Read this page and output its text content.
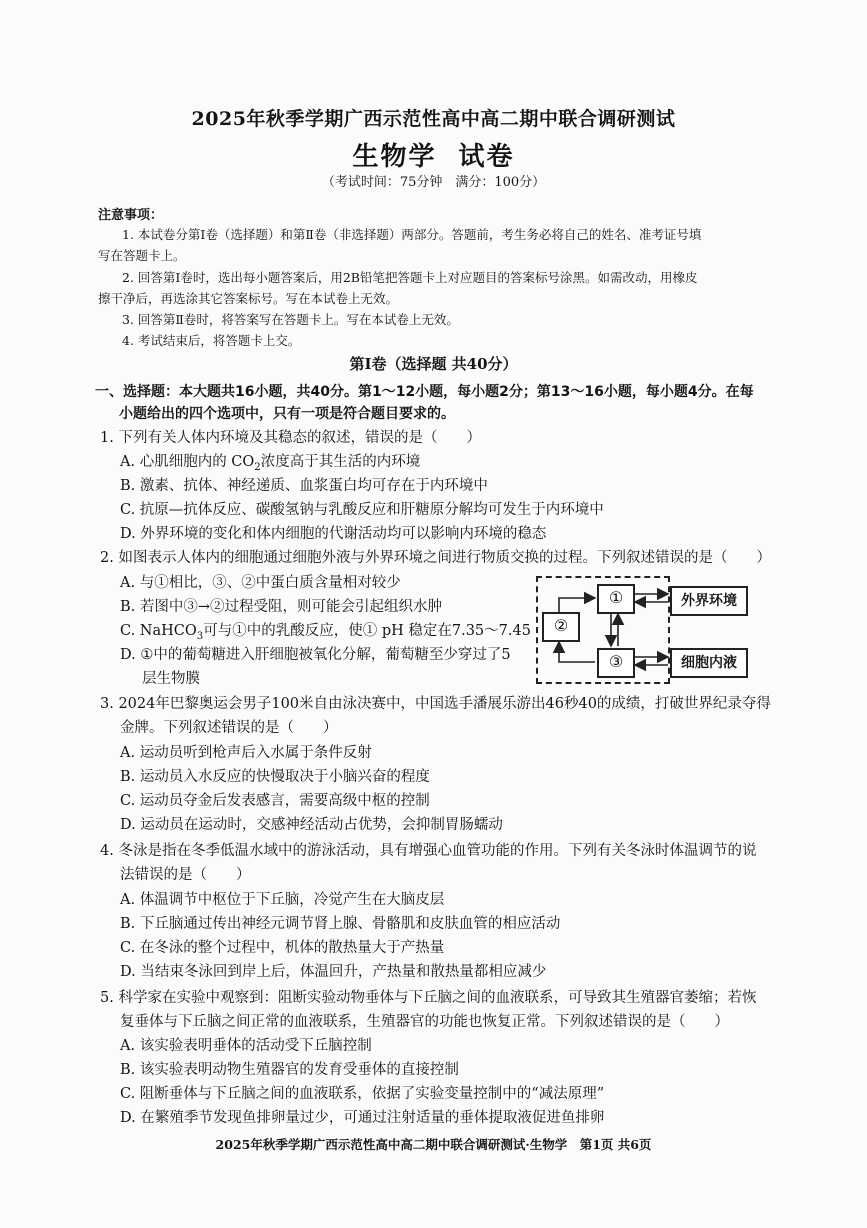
2025年秋季学期广西示范性高中高二期中联合调研测试
生物学 试卷
（考试时间：75分钟　满分：100分）
注意事项：
1. 本试卷分第Ⅰ卷（选择题）和第Ⅱ卷（非选择题）两部分。答题前，考生务必将自己的姓名、准考证号填
写在答题卡上。
2. 回答第Ⅰ卷时，选出每小题答案后，用2B铅笔把答题卡上对应题目的答案标号涂黑。如需改动，用橡皮
擦干净后，再选涂其它答案标号。写在本试卷上无效。
3. 回答第Ⅱ卷时，将答案写在答题卡上。写在本试卷上无效。
4. 考试结束后，将答题卡上交。
第Ⅰ卷（选择题 共40分）
一、选择题：本大题共16小题，共40分。第1～12小题，每小题2分；第13～16小题，每小题4分。在每
小题给出的四个选项中，只有一项是符合题目要求的。
1. 下列有关人体内环境及其稳态的叙述，错误的是（　　）
A. 心肌细胞内的 $CO_2$浓度高于其生活的内环境
B. 激素、抗体、神经递质、血浆蛋白均可存在于内环境中
C. 抗原—抗体反应、碳酸氢钠与乳酸反应和肝糖原分解均可发生于内环境中
D. 外界环境的变化和体内细胞的代谢活动均可以影响内环境的稳态
2. 如图表示人体内的细胞通过细胞外液与外界环境之间进行物质交换的过程。下列叙述错误的是（　　）
A. 与①相比，③、②中蛋白质含量相对较少
B. 若图中③→②过程受阻，则可能会引起组织水肿
C. NaHCO$_3$可与①中的乳酸反应，使① pH 稳定在7.35～7.45
D. ①中的葡萄糖进入肝细胞被氧化分解，葡萄糖至少穿过了5
层生物膜
①
②
③
外界环境
细胞内液
3. 2024年巴黎奥运会男子100米自由泳决赛中，中国选手潘展乐游出46秒40的成绩，打破世界纪录夺得
金牌。下列叙述错误的是（　　）
A. 运动员听到枪声后入水属于条件反射
B. 运动员入水反应的快慢取决于小脑兴奋的程度
C. 运动员夺金后发表感言，需要高级中枢的控制
D. 运动员在运动时，交感神经活动占优势，会抑制胃肠蠕动
4. 冬泳是指在冬季低温水域中的游泳活动，具有增强心血管功能的作用。下列有关冬泳时体温调节的说
法错误的是（　　）
A. 体温调节中枢位于下丘脑，冷觉产生在大脑皮层
B. 下丘脑通过传出神经元调节肾上腺、骨骼肌和皮肤血管的相应活动
C. 在冬泳的整个过程中，机体的散热量大于产热量
D. 当结束冬泳回到岸上后，体温回升，产热量和散热量都相应减少
5. 科学家在实验中观察到：阻断实验动物垂体与下丘脑之间的血液联系，可导致其生殖器官萎缩；若恢
复垂体与下丘脑之间正常的血液联系，生殖器官的功能也恢复正常。下列叙述错误的是（　　）
A. 该实验表明垂体的活动受下丘脑控制
B. 该实验表明动物生殖器官的发育受垂体的直接控制
C. 阻断垂体与下丘脑之间的血液联系，依据了实验变量控制中的“减法原理”
D. 在繁殖季节发现鱼排卵量过少，可通过注射适量的垂体提取液促进鱼排卵
2025年秋季学期广西示范性高中高二期中联合调研测试·生物学　第1页 共6页
